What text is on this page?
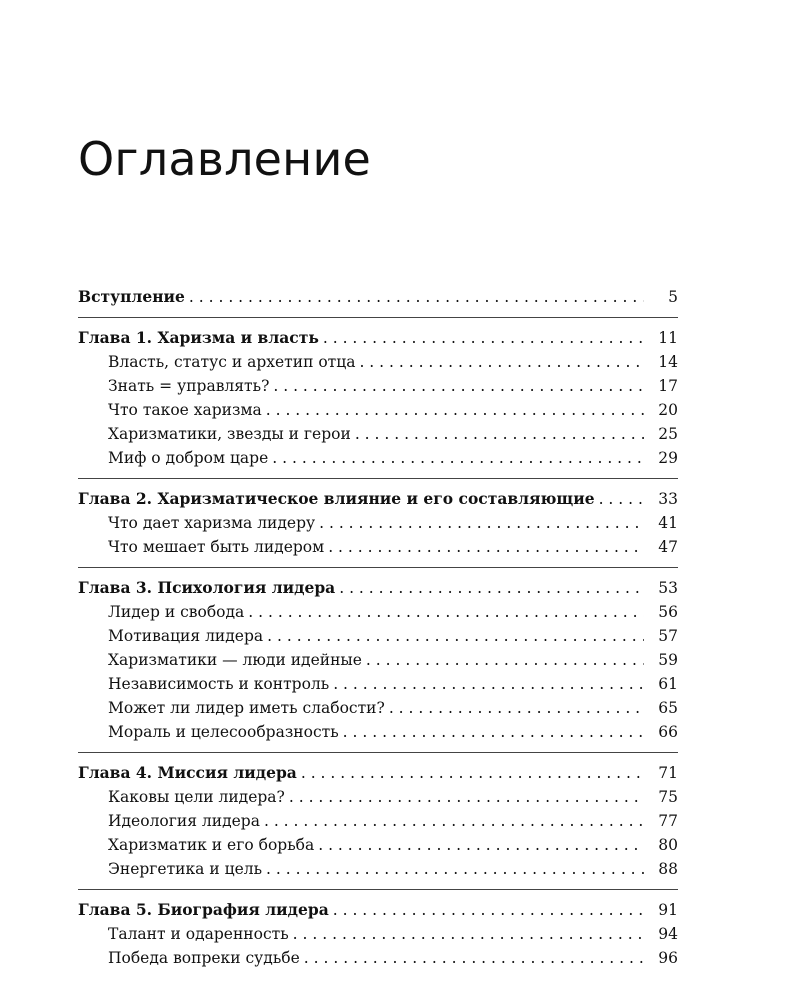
Оглавление
Вступление . . .	5
Глава 1. Харизма и власть . . .	11
Власть, статус и архетип отца . . .	14
Знать = управлять? . . .	17
Что такое харизма . . .	20
Харизматики, звезды и герои . . .	25
Миф о добром царе . . .	29
Глава 2. Харизматическое влияние и его составляющие . . .	33
Что дает харизма лидеру . . .	41
Что мешает быть лидером . . .	47
Глава 3. Психология лидера . . .	53
Лидер и свобода . . .	56
Мотивация лидера . . .	57
Харизматики — люди идейные . . .	59
Независимость и контроль . . .	61
Может ли лидер иметь слабости? . . .	65
Мораль и целесообразность . . .	66
Глава 4. Миссия лидера . . .	71
Каковы цели лидера? . . .	75
Идеология лидера . . .	77
Харизматик и его борьба . . .	80
Энергетика и цель . . .	88
Глава 5. Биография лидера . . .	91
Талант и одаренность . . .	94
Победа вопреки судьбе . . .	96
